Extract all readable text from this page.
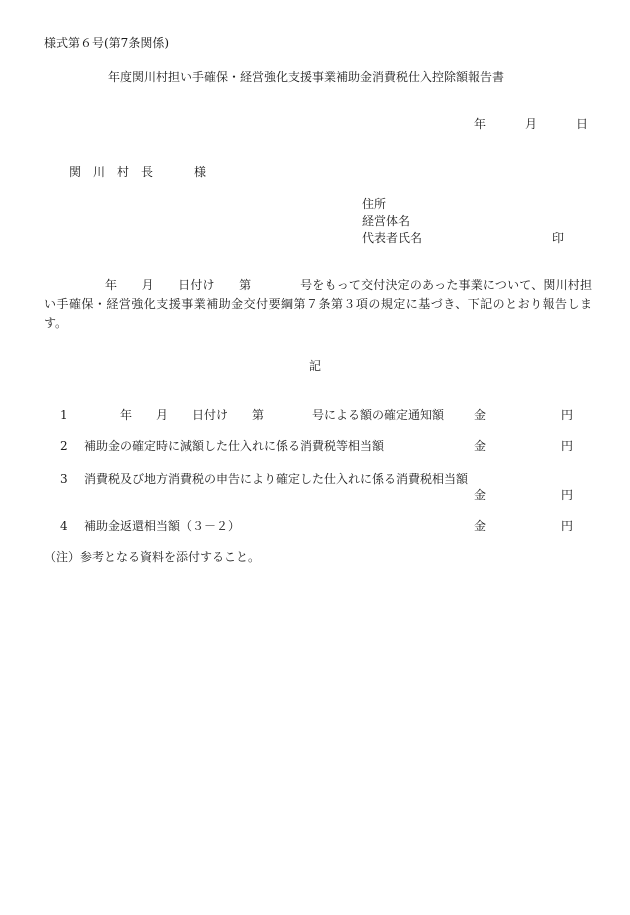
様式第６号(第7条関係)
年度関川村担い手確保・経営強化支援事業補助金消費税仕入控除額報告書
年	月	日
関　川　村　長	様
住所
経営体名
代表者氏名	印
　　　　　年　　月　　日付け　　第　　　　号をもって交付決定のあった事業について、関川村担い手確保・経営強化支援事業補助金交付要綱第７条第３項の規定に基づき、下記のとおり報告します。
記
1 　　　年　　月　　日付け　　第　　　　号による額の確定通知額 金	円
2 補助金の確定時に減額した仕入れに係る消費税等相当額	金	円
3 消費税及び地方消費税の申告により確定した仕入れに係る消費税相当額
金	円
4 補助金返還相当額（３－２）	金	円
（注）参考となる資料を添付すること。
